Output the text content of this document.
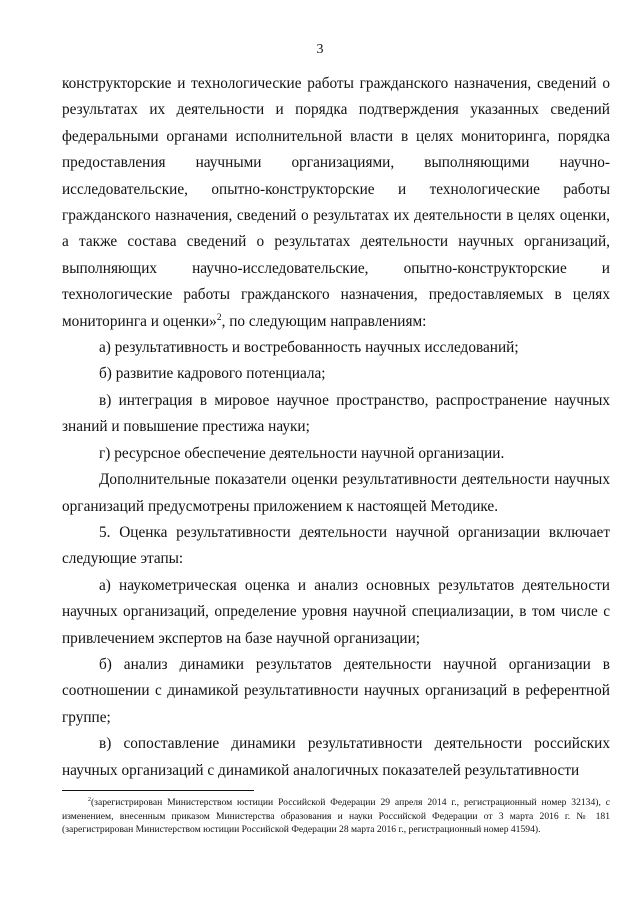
3

конструкторские и технологические работы гражданского назначения, сведений о результатах их деятельности и порядка подтверждения указанных сведений федеральными органами исполнительной власти в целях мониторинга, порядка предоставления научными организациями, выполняющими научно-исследовательские, опытно-конструкторские и технологические работы гражданского назначения, сведений о результатах их деятельности в целях оценки, а также состава сведений о результатах деятельности научных организаций, выполняющих научно-исследовательские, опытно-конструкторские и технологические работы гражданского назначения, предоставляемых в целях мониторинга и оценки»$^2$, по следующим направлениям:

а) результативность и востребованность научных исследований;

б) развитие кадрового потенциала;

в) интеграция в мировое научное пространство, распространение научных знаний и повышение престижа науки;

г) ресурсное обеспечение деятельности научной организации.

Дополнительные показатели оценки результативности деятельности научных организаций предусмотрены приложением к настоящей Методике.

5. Оценка результативности деятельности научной организации включает следующие этапы:

а) наукометрическая оценка и анализ основных результатов деятельности научных организаций, определение уровня научной специализации, в том числе с привлечением экспертов на базе научной организации;

б) анализ динамики результатов деятельности научной организации в соотношении с динамикой результативности научных организаций в референтной группе;

в) сопоставление динамики результативности деятельности российских научных организаций с динамикой аналогичных показателей результативности

$^2$(зарегистрирован Министерством юстиции Российской Федерации 29 апреля 2014 г., регистрационный номер 32134), с изменением, внесенным приказом Министерства образования и науки Российской Федерации от 3 марта 2016 г. № 181 (зарегистрирован Министерством юстиции Российской Федерации 28 марта 2016 г., регистрационный номер 41594).
